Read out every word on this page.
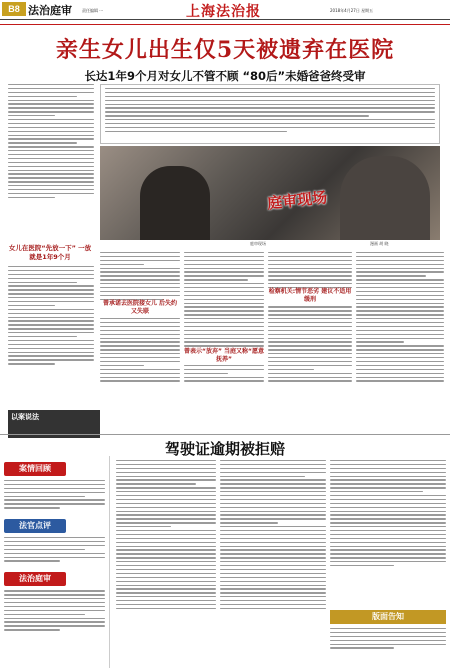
B8 法治庭审	责任编辑 ···	上海法治报	2018年4月27日 星期五
亲生女儿出生仅5天被遗弃在医院
长达1年9个月对女儿不管不顾 “80后”未婚爸爸终受审
庭审现场
庭审现场	漫画 胡 晓
女儿在医院“先放一下” 一放就是1年9个月
以案说法
曾承诺去医院接女儿 后失约又失联
曾表示“放弃” 当庭又称“愿意抚养”
检察机关:情节恶劣 建议不适用缓刑
驾驶证逾期被拒赔
案情回顾
法官点评
法治庭审
版面告知
